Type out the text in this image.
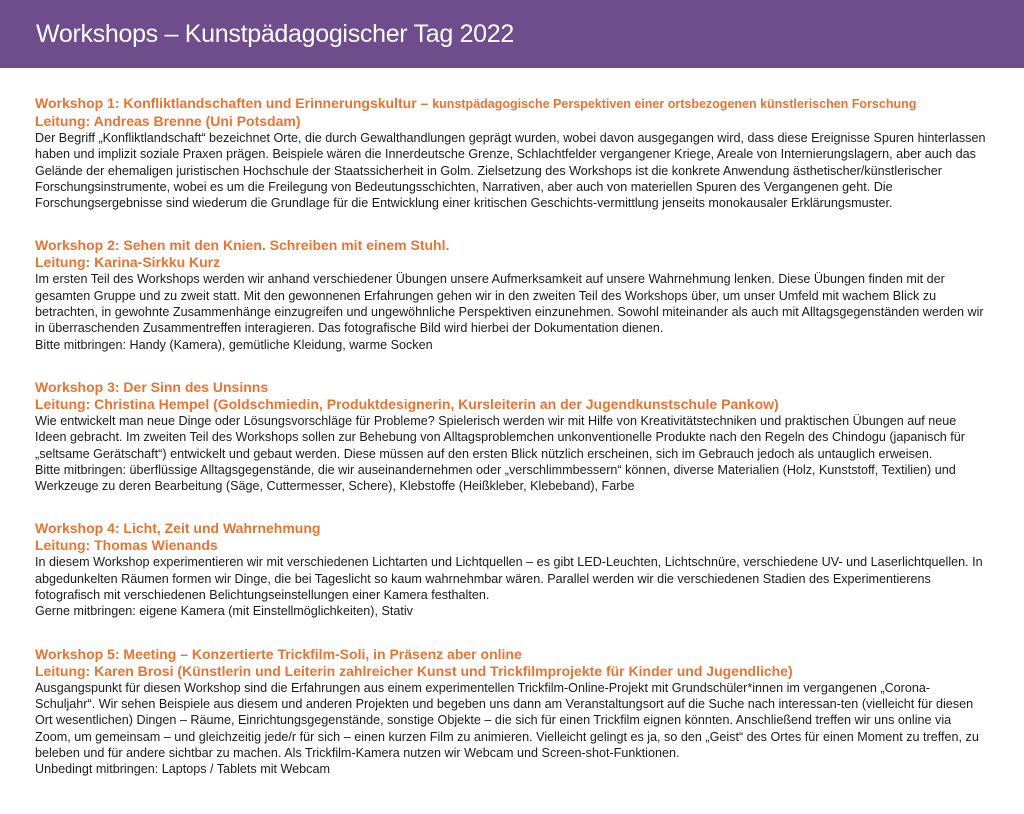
Workshops – Kunstpädagogischer Tag 2022
Workshop 1: Konfliktlandschaften und Erinnerungskultur – kunstpädagogische Perspektiven einer ortsbezogenen künstlerischen Forschung
Leitung: Andreas Brenne (Uni Potsdam)
Der Begriff „Konfliktlandschaft“ bezeichnet Orte, die durch Gewalthandlungen geprägt wurden, wobei davon ausgegangen wird, dass diese Ereignisse Spuren hinterlassen haben und implizit soziale Praxen prägen. Beispiele wären die Innerdeutsche Grenze, Schlachtfelder vergangener Kriege, Areale von Internierungslagern, aber auch das Gelände der ehemaligen juristischen Hochschule der Staatssicherheit in Golm. Zielsetzung des Workshops ist die konkrete Anwendung ästhetischer/künstlerischer Forschungsinstrumente, wobei es um die Freilegung von Bedeutungsschichten, Narrativen, aber auch von materiellen Spuren des Vergangenen geht. Die Forschungsergebnisse sind wiederum die Grundlage für die Entwicklung einer kritischen Geschichts-vermittlung jenseits monokausaler Erklärungsmuster.
Workshop 2: Sehen mit den Knien. Schreiben mit einem Stuhl.
Leitung: Karina-Sirkku Kurz
Im ersten Teil des Workshops werden wir anhand verschiedener Übungen unsere Aufmerksamkeit auf unsere Wahrnehmung lenken. Diese Übungen finden mit der gesamten Gruppe und zu zweit statt. Mit den gewonnenen Erfahrungen gehen wir in den zweiten Teil des Workshops über, um unser Umfeld mit wachem Blick zu betrachten, in gewohnte Zusammenhänge einzugreifen und ungewöhnliche Perspektiven einzunehmen. Sowohl miteinander als auch mit Alltagsgegenständen werden wir in überraschenden Zusammentreffen interagieren. Das fotografische Bild wird hierbei der Dokumentation dienen.
Bitte mitbringen: Handy (Kamera), gemütliche Kleidung, warme Socken
Workshop 3: Der Sinn des Unsinns
Leitung: Christina Hempel (Goldschmiedin, Produktdesignerin, Kursleiterin an der Jugendkunstschule Pankow)
Wie entwickelt man neue Dinge oder Lösungsvorschläge für Probleme? Spielerisch werden wir mit Hilfe von Kreativitätstechniken und praktischen Übungen auf neue Ideen gebracht. Im zweiten Teil des Workshops sollen zur Behebung von Alltagsproblemchen unkonventionelle Produkte nach den Regeln des Chindogu (japanisch für „seltsame Gerätschaft“) entwickelt und gebaut werden. Diese müssen auf den ersten Blick nützlich erscheinen, sich im Gebrauch jedoch als untauglich erweisen.
Bitte mitbringen: überflüssige Alltagsgegenstände, die wir auseinandernehmen oder „verschlimmbessern“ können, diverse Materialien (Holz, Kunststoff, Textilien) und Werkzeuge zu deren Bearbeitung (Säge, Cuttermesser, Schere), Klebstoffe (Heißkleber, Klebeband), Farbe
Workshop 4: Licht, Zeit und Wahrnehmung
Leitung: Thomas Wienands
In diesem Workshop experimentieren wir mit verschiedenen Lichtarten und Lichtquellen – es gibt LED-Leuchten, Lichtschnüre, verschiedene UV- und Laserlichtquellen. In abgedunkelten Räumen formen wir Dinge, die bei Tageslicht so kaum wahrnehmbar wären. Parallel werden wir die verschiedenen Stadien des Experimentierens fotografisch mit verschiedenen Belichtungseinstellungen einer Kamera festhalten.
Gerne mitbringen: eigene Kamera (mit Einstellmöglichkeiten), Stativ
Workshop 5: Meeting – Konzertierte Trickfilm-Soli, in Präsenz aber online
Leitung: Karen Brosi (Künstlerin und Leiterin zahlreicher Kunst und Trickfilmprojekte für Kinder und Jugendliche)
Ausgangspunkt für diesen Workshop sind die Erfahrungen aus einem experimentellen Trickfilm-Online-Projekt mit Grundschüler*innen im vergangenen „Corona-Schuljahr“. Wir sehen Beispiele aus diesem und anderen Projekten und begeben uns dann am Veranstaltungsort auf die Suche nach interessan-ten (vielleicht für diesen Ort wesentlichen) Dingen – Räume, Einrichtungsgegenstände, sonstige Objekte – die sich für einen Trickfilm eignen könnten. Anschließend treffen wir uns online via Zoom, um gemeinsam – und gleichzeitig jede/r für sich – einen kurzen Film zu animieren. Vielleicht gelingt es ja, so den „Geist“ des Ortes für einen Moment zu treffen, zu beleben und für andere sichtbar zu machen. Als Trickfilm-Kamera nutzen wir Webcam und Screen-shot-Funktionen.
Unbedingt mitbringen: Laptops / Tablets mit Webcam
